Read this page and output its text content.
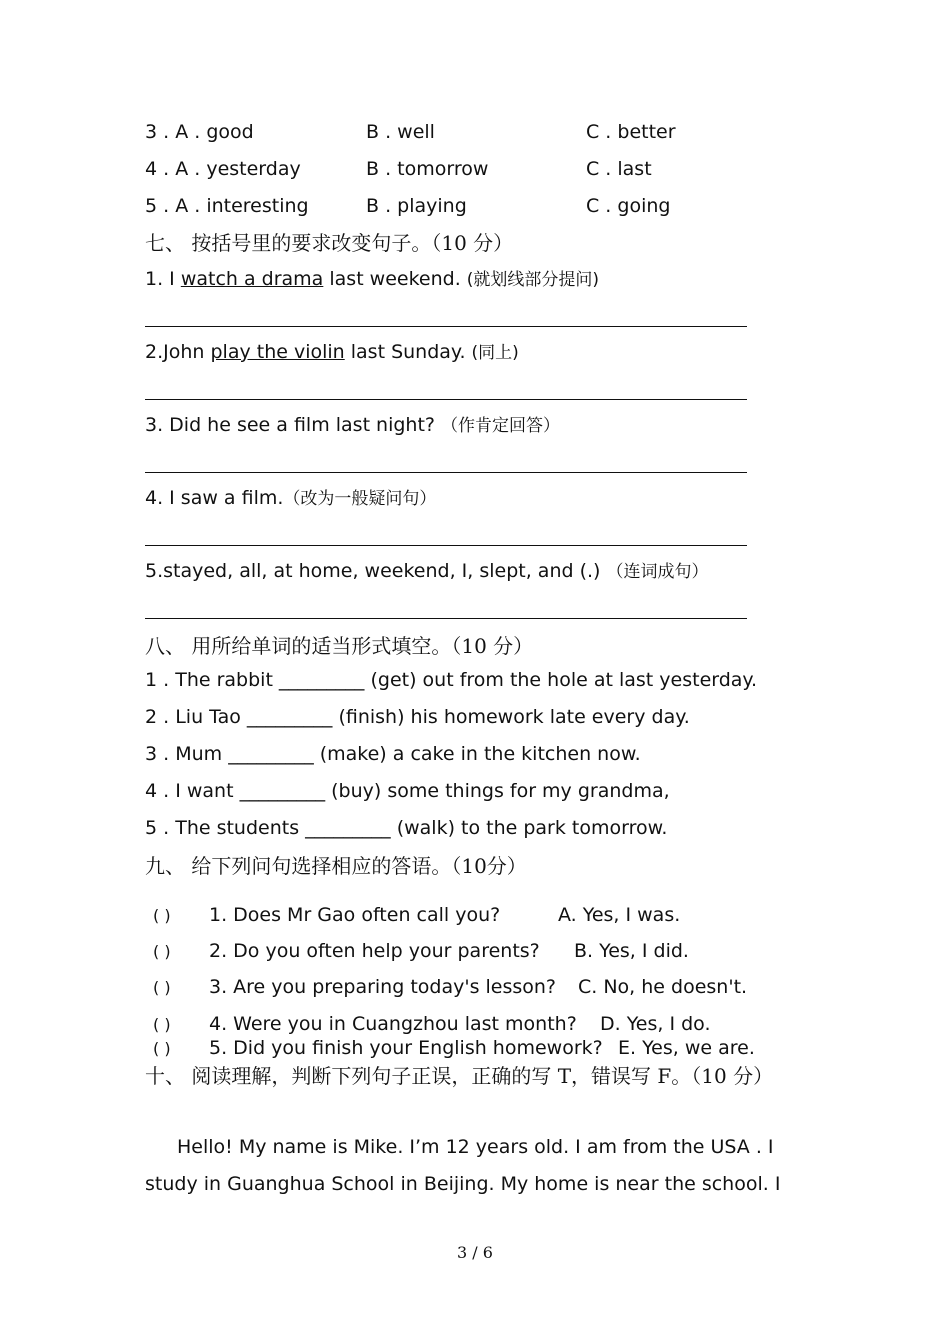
3 . A . good	B . well	C . better
4 . A . yesterday	B . tomorrow	C . last
5 . A . interesting	B . playing	C . going
七、 按括号里的要求改变句子。（10 分）
1. I watch a drama last weekend. (就划线部分提问)
2.John play the violin last Sunday. (同上)
3. Did he see a film last night? （作肯定回答）
4. I saw a film.（改为一般疑问句）
5.stayed, all, at home, weekend, I, slept, and (.) （连词成句）
八、 用所给单词的适当形式填空。（10 分）
1 . The rabbit _________ (get) out from the hole at last yesterday.
2 . Liu Tao _________ (finish) his homework late every day.
3 . Mum _________ (make) a cake in the kitchen now.
4 . I want _________ (buy) some things for my grandma,
5 . The students _________ (walk) to the park tomorrow.
九、 给下列问句选择相应的答语。（10分）
( ) 1. Does Mr Gao often call you?	A. Yes, I was.
( ) 2. Do you often help your parents? B. Yes, I did.
( ) 3. Are you preparing today's lesson? C. No, he doesn't.
( ) 4. Were you in Cuangzhou last month? D. Yes, I do.
( ) 5. Did you finish your English homework? E. Yes, we are.
十、 阅读理解，判断下列句子正误，正确的写 T，错误写 F。（10 分）
Hello! My name is Mike. I’m 12 years old. I am from the USA . I
study in Guanghua School in Beijing. My home is near the school. I
3 / 6
